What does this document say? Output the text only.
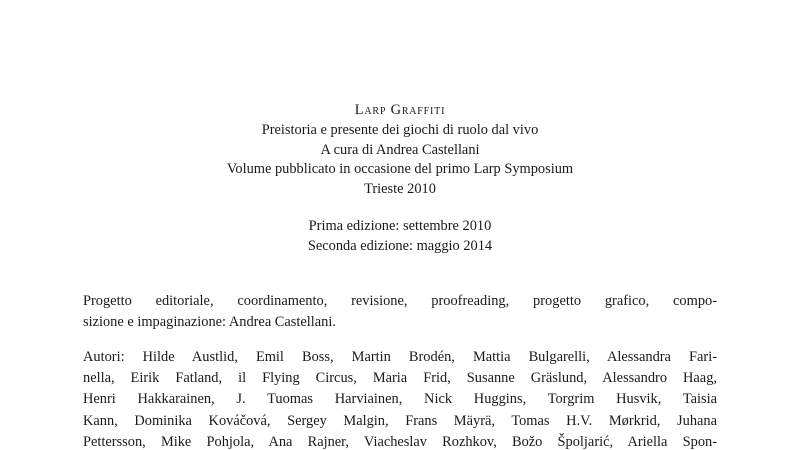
Larp Graffiti
Preistoria e presente dei giochi di ruolo dal vivo
A cura di Andrea Castellani
Volume pubblicato in occasione del primo Larp Symposium
Trieste 2010
Prima edizione: settembre 2010
Seconda edizione: maggio 2014
Progetto editoriale, coordinamento, revisione, proofreading, progetto grafico, compo-
sizione e impaginazione: Andrea Castellani.
Autori: Hilde Austlid, Emil Boss, Martin Brodén, Mattia Bulgarelli, Alessandra Fari-
nella, Eirik Fatland, il Flying Circus, Maria Frid, Susanne Gräslund, Alessandro Haag,
Henri Hakkarainen, J. Tuomas Harviainen, Nick Huggins, Torgrim Husvik, Taisia
Kann, Dominika Kováčová, Sergey Malgin, Frans Mäyrä, Tomas H.V. Mørkrid, Juhana
Pettersson, Mike Pohjola, Ana Rajner, Viacheslav Rozhkov, Božo Špoljarić, Ariella Spon-
